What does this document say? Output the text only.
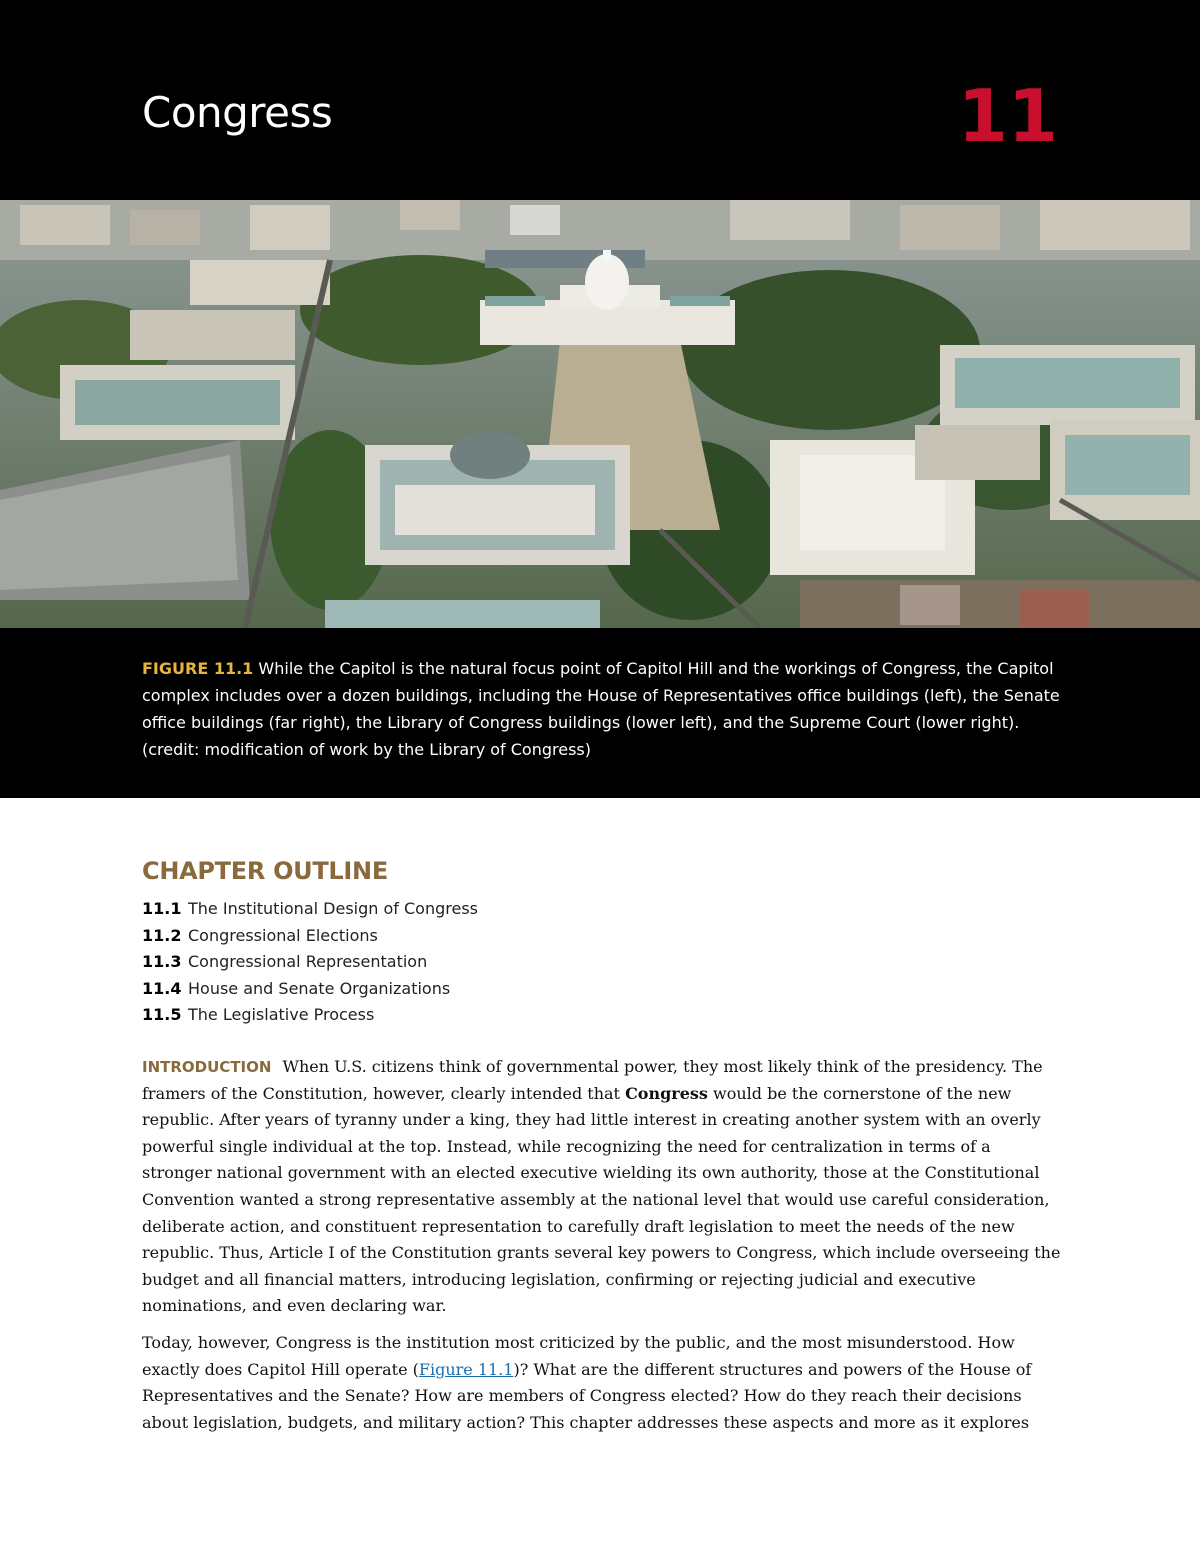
Congress	11

FIGURE 11.1 While the Capitol is the natural focus point of Capitol Hill and the workings of Congress, the Capitol complex includes over a dozen buildings, including the House of Representatives office buildings (left), the Senate office buildings (far right), the Library of Congress buildings (lower left), and the Supreme Court (lower right). (credit: modification of work by the Library of Congress)

CHAPTER OUTLINE
11.1 The Institutional Design of Congress
11.2 Congressional Elections
11.3 Congressional Representation
11.4 House and Senate Organizations
11.5 The Legislative Process

INTRODUCTION When U.S. citizens think of governmental power, they most likely think of the presidency. The framers of the Constitution, however, clearly intended that Congress would be the cornerstone of the new republic. After years of tyranny under a king, they had little interest in creating another system with an overly powerful single individual at the top. Instead, while recognizing the need for centralization in terms of a stronger national government with an elected executive wielding its own authority, those at the Constitutional Convention wanted a strong representative assembly at the national level that would use careful consideration, deliberate action, and constituent representation to carefully draft legislation to meet the needs of the new republic. Thus, Article I of the Constitution grants several key powers to Congress, which include overseeing the budget and all financial matters, introducing legislation, confirming or rejecting judicial and executive nominations, and even declaring war.

Today, however, Congress is the institution most criticized by the public, and the most misunderstood. How exactly does Capitol Hill operate (Figure 11.1)? What are the different structures and powers of the House of Representatives and the Senate? How are members of Congress elected? How do they reach their decisions about legislation, budgets, and military action? This chapter addresses these aspects and more as it explores
